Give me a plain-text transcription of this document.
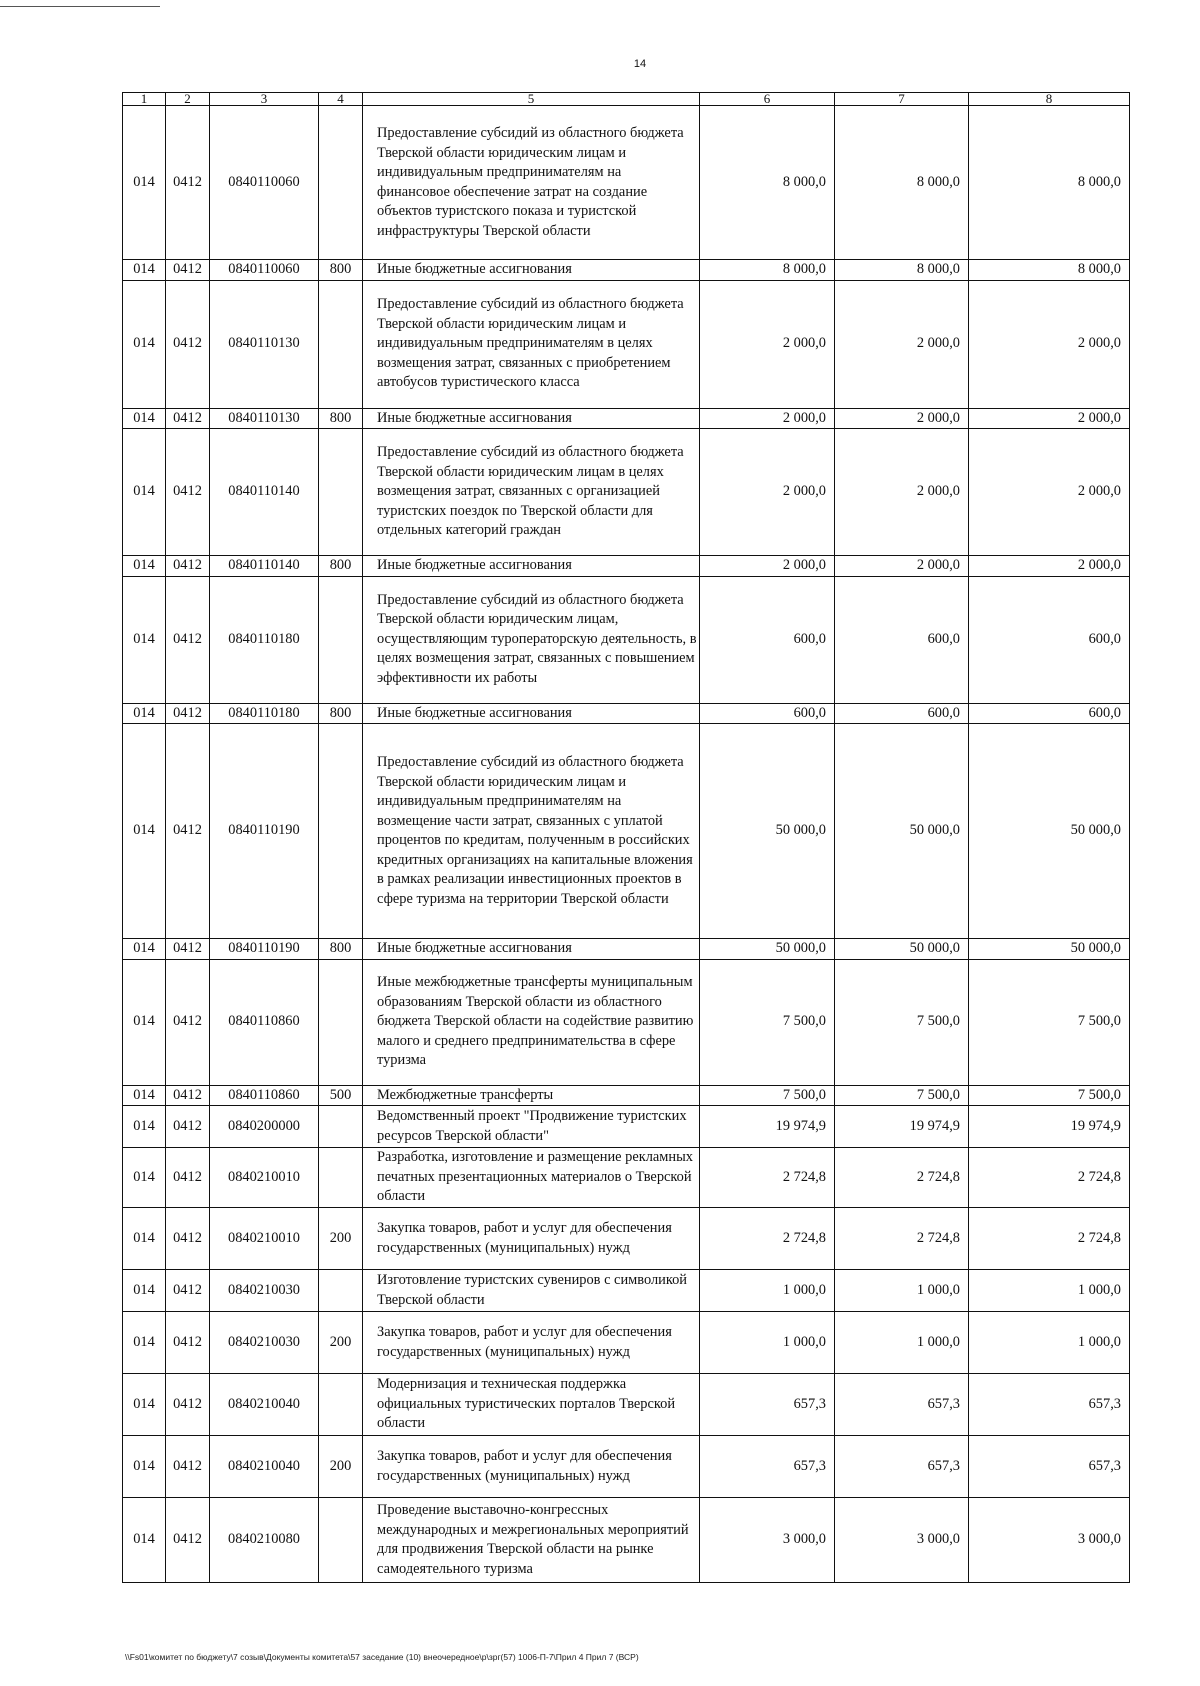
14
1	2	3	4	5	6	7	8
014	0412	0840110060		Предоставление субсидий из областного бюджета Тверской области юридическим лицам и индивидуальным предпринимателям на финансовое обеспечение затрат на создание объектов туристского показа и туристской инфраструктуры Тверской области	8 000,0	8 000,0	8 000,0
014	0412	0840110060	800	Иные бюджетные ассигнования	8 000,0	8 000,0	8 000,0
014	0412	0840110130		Предоставление субсидий из областного бюджета Тверской области юридическим лицам и индивидуальным предпринимателям в целях возмещения затрат, связанных с приобретением автобусов туристического класса	2 000,0	2 000,0	2 000,0
014	0412	0840110130	800	Иные бюджетные ассигнования	2 000,0	2 000,0	2 000,0
014	0412	0840110140		Предоставление субсидий из областного бюджета Тверской области юридическим лицам в целях возмещения затрат, связанных с организацией туристских поездок по Тверской области для отдельных категорий граждан	2 000,0	2 000,0	2 000,0
014	0412	0840110140	800	Иные бюджетные ассигнования	2 000,0	2 000,0	2 000,0
014	0412	0840110180		Предоставление субсидий из областного бюджета Тверской области юридическим лицам, осуществляющим туроператорскую деятельность, в целях возмещения затрат, связанных с повышением эффективности их работы	600,0	600,0	600,0
014	0412	0840110180	800	Иные бюджетные ассигнования	600,0	600,0	600,0
014	0412	0840110190		Предоставление субсидий из областного бюджета Тверской области юридическим лицам и индивидуальным предпринимателям на возмещение части затрат, связанных с уплатой процентов по кредитам, полученным в российских кредитных организациях на капитальные вложения в рамках реализации инвестиционных проектов в сфере туризма на территории Тверской области	50 000,0	50 000,0	50 000,0
014	0412	0840110190	800	Иные бюджетные ассигнования	50 000,0	50 000,0	50 000,0
014	0412	0840110860		Иные межбюджетные трансферты муниципальным образованиям Тверской области из областного бюджета Тверской области на содействие развитию малого и среднего предпринимательства в сфере туризма	7 500,0	7 500,0	7 500,0
014	0412	0840110860	500	Межбюджетные трансферты	7 500,0	7 500,0	7 500,0
014	0412	0840200000		Ведомственный проект "Продвижение туристских ресурсов Тверской области"	19 974,9	19 974,9	19 974,9
014	0412	0840210010		Разработка, изготовление и размещение рекламных печатных презентационных материалов о Тверской области	2 724,8	2 724,8	2 724,8
014	0412	0840210010	200	Закупка товаров, работ и услуг для обеспечения государственных (муниципальных) нужд	2 724,8	2 724,8	2 724,8
014	0412	0840210030		Изготовление туристских сувениров с символикой Тверской области	1 000,0	1 000,0	1 000,0
014	0412	0840210030	200	Закупка товаров, работ и услуг для обеспечения государственных (муниципальных) нужд	1 000,0	1 000,0	1 000,0
014	0412	0840210040		Модернизация и техническая поддержка официальных туристических порталов Тверской области	657,3	657,3	657,3
014	0412	0840210040	200	Закупка товаров, работ и услуг для обеспечения государственных (муниципальных) нужд	657,3	657,3	657,3
014	0412	0840210080		Проведение выставочно-конгрессных международных и межрегиональных мероприятий для продвижения Тверской области на рынке самодеятельного туризма	3 000,0	3 000,0	3 000,0
\\Fs01\комитет по бюджету\7 созыв\Документы комитета\57 заседание (10) внеочередное\р\зрг(57) 1006-П-7\Прил 4 Прил 7 (ВСР)
